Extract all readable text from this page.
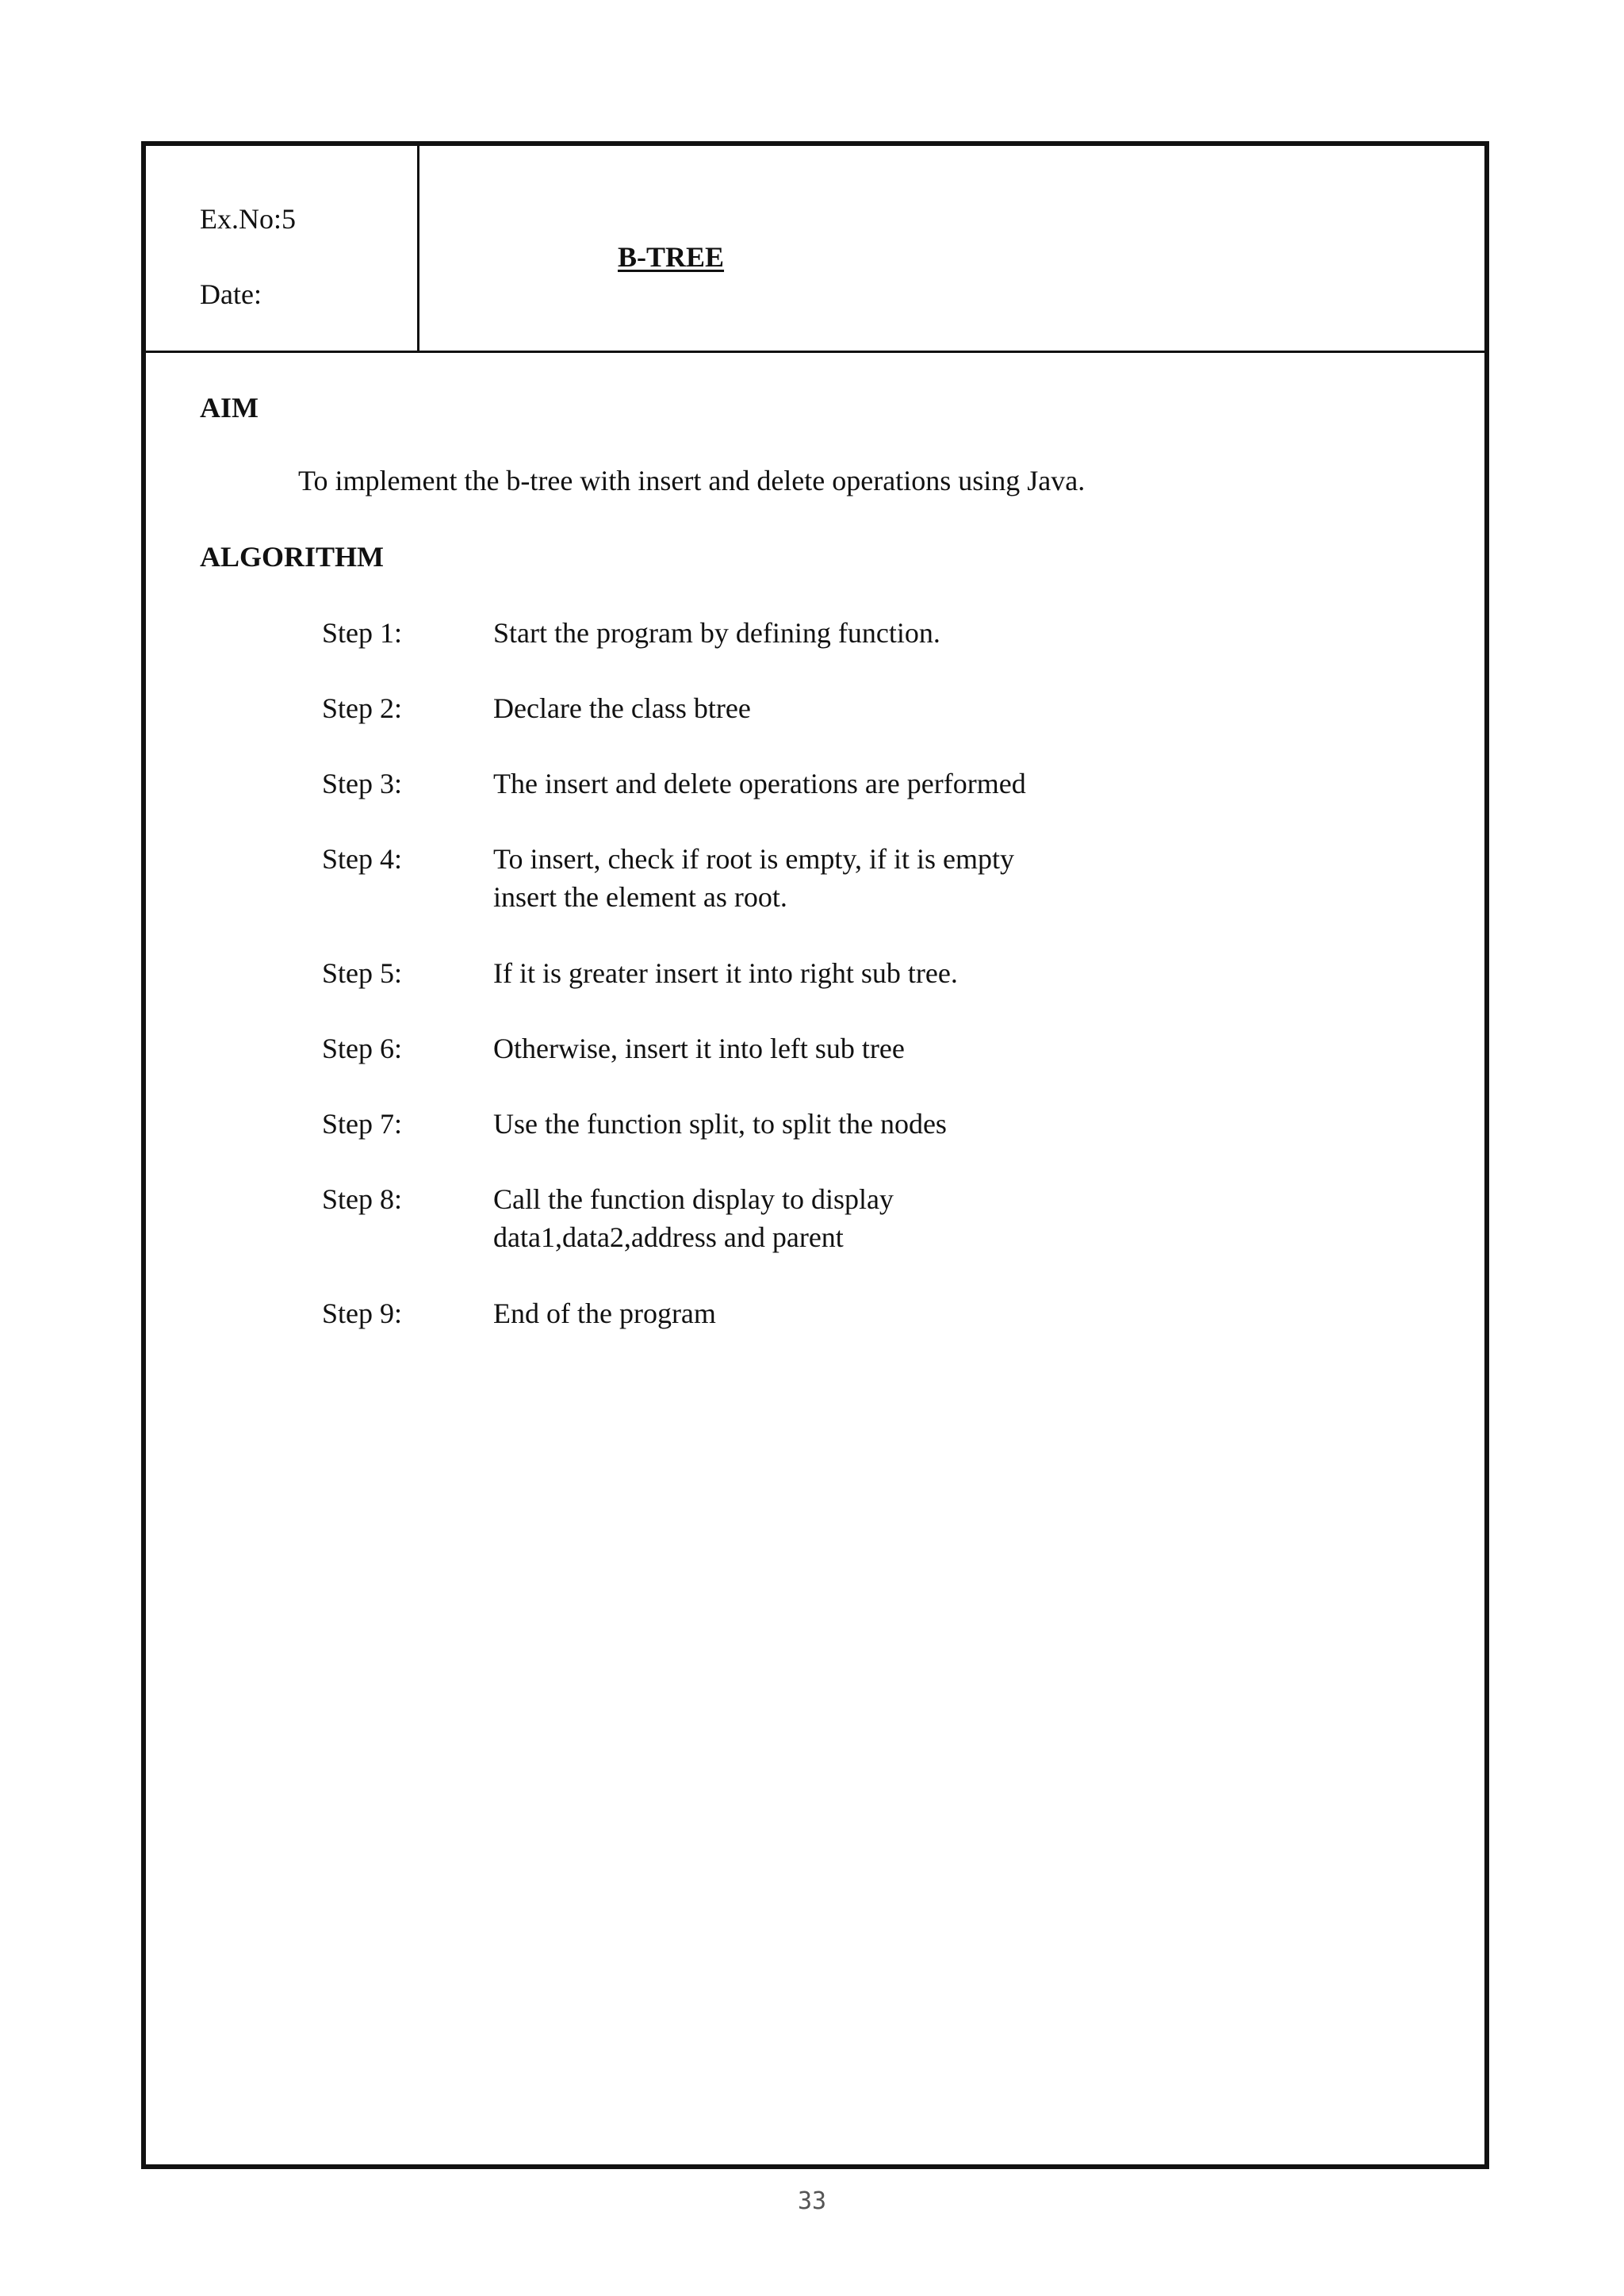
Ex.No:5
Date:
B-TREE
AIM
To implement the b-tree with insert and delete operations using Java.
ALGORITHM
Step 1:	Start the program by defining function.
Step 2:	Declare the class btree
Step 3:	The insert and delete operations are performed
Step 4:	To insert, check if root is empty, if it is empty
insert the element as root.
Step 5:	If it is greater insert it into right sub tree.
Step 6:	Otherwise, insert it into left sub tree
Step 7:	Use the function split, to split the nodes
Step 8:	Call the function display to display
data1,data2,address and parent
Step 9:	End of the program
33
